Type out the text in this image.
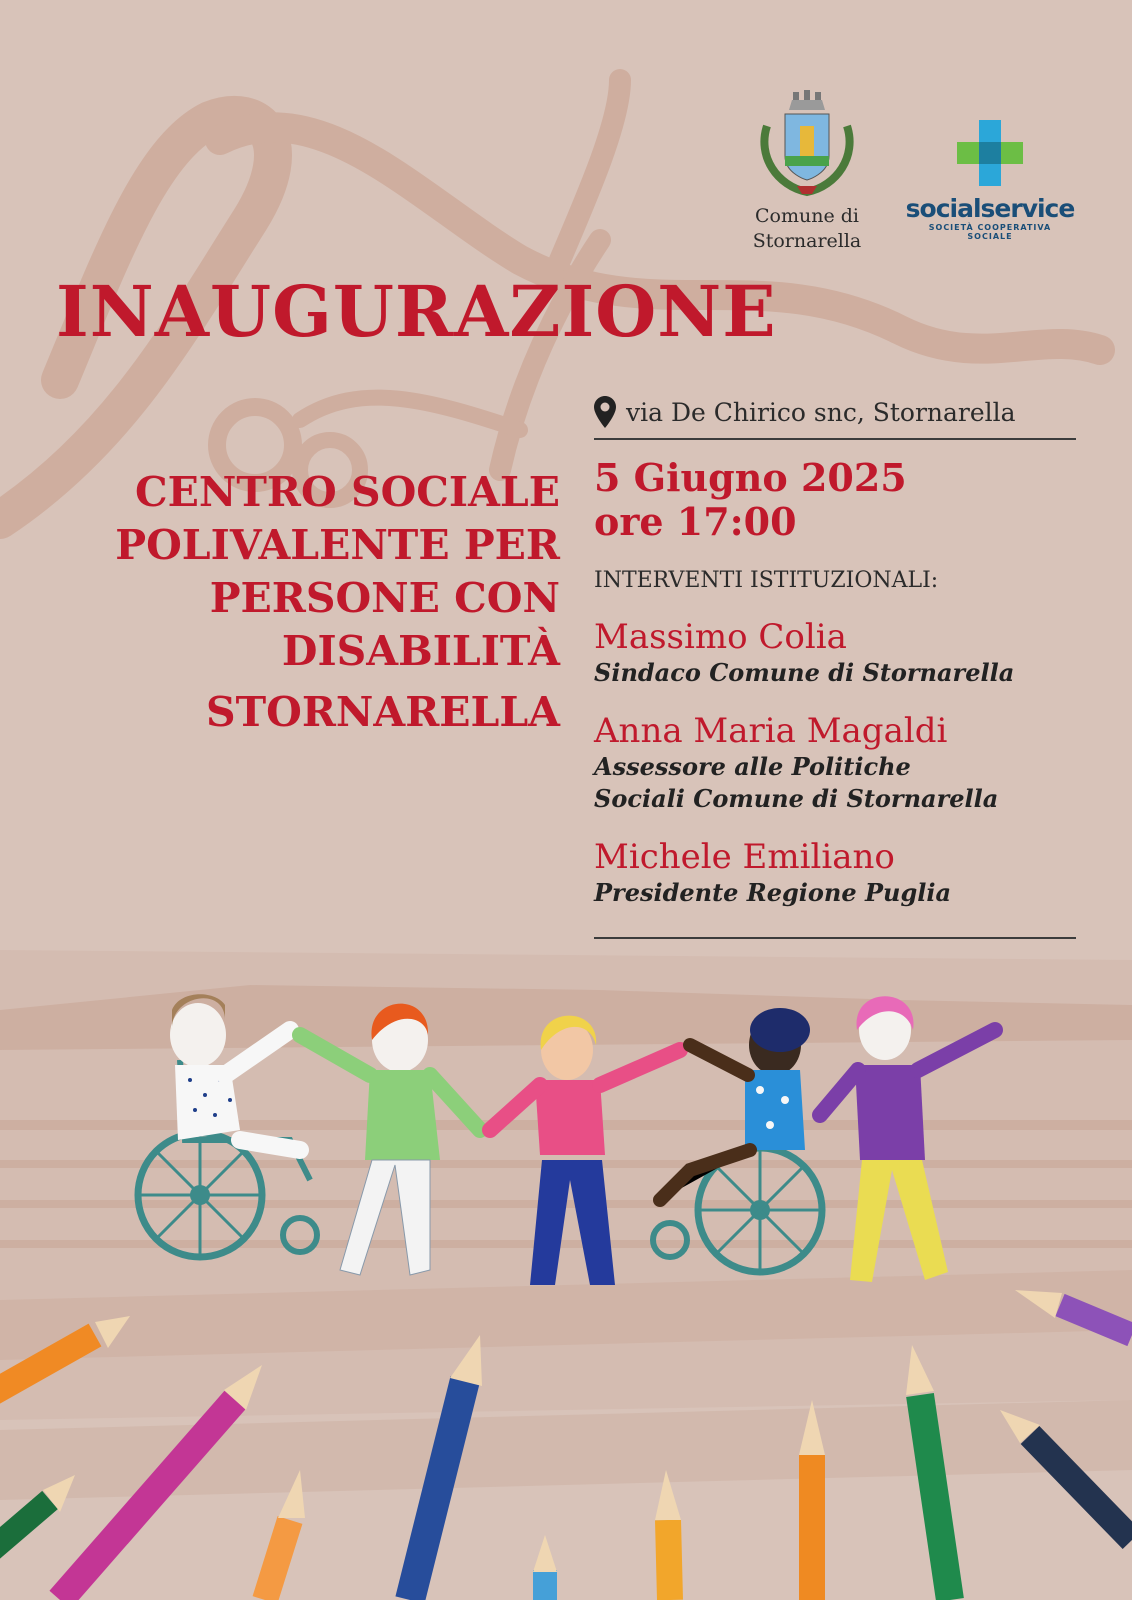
Comune di
Stornarella
socialservice
SOCIETÀ COOPERATIVA SOCIALE
INAUGURAZIONE
CENTRO SOCIALE
POLIVALENTE PER
PERSONE CON
DISABILITÀ
STORNARELLA
via De Chirico snc, Stornarella
5 Giugno 2025
ore 17:00
INTERVENTI ISTITUZIONALI:
Massimo Colia
Sindaco Comune di Stornarella
Anna Maria Magaldi
Assessore alle Politiche
Sociali Comune di Stornarella
Michele Emiliano
Presidente Regione Puglia
